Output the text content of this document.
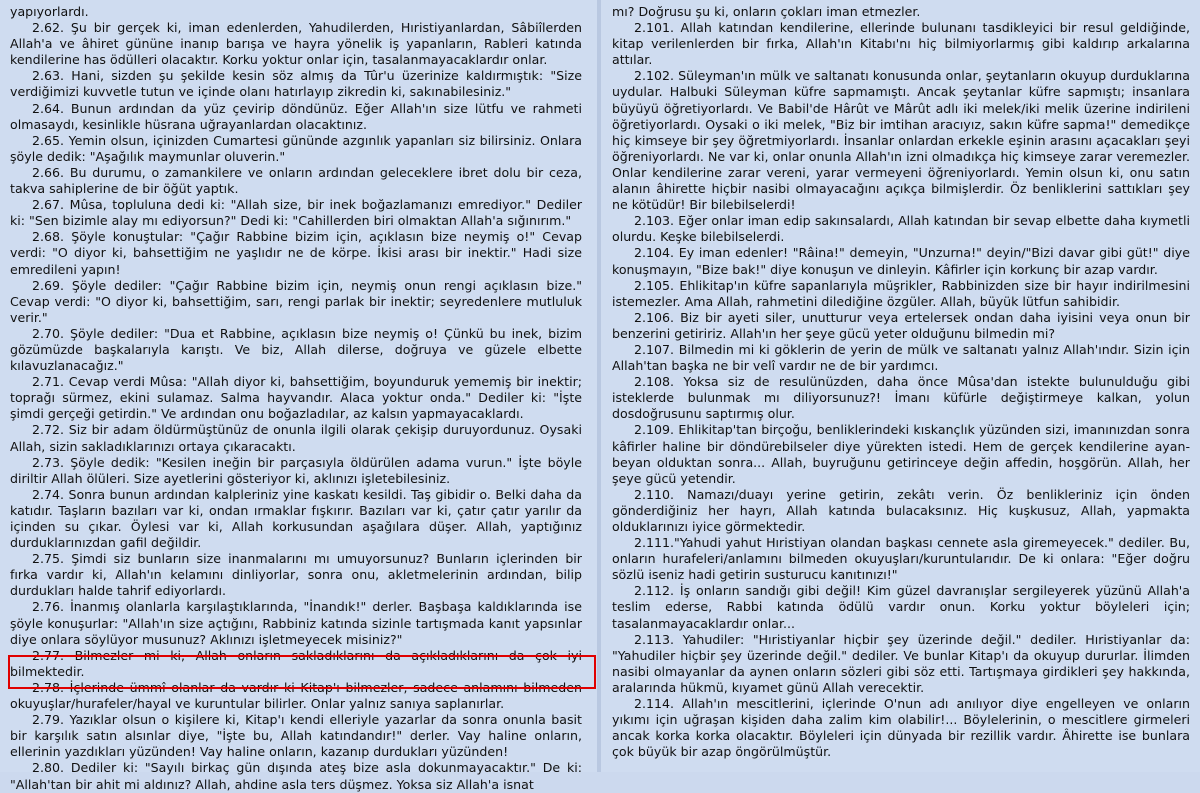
yapıyorlardı.

2.62. Şu bir gerçek ki, iman edenlerden, Yahudilerden, Hıristiyanlardan, Sâbiîlerden Allah'a ve âhiret gününe inanıp barışa ve hayra yönelik iş yapanların, Rableri katında kendilerine has ödülleri olacaktır. Korku yoktur onlar için, tasalanmayacaklardır onlar.

2.63. Hani, sizden şu şekilde kesin söz almış da Tûr'u üzerinize kaldırmıştık: "Size verdiğimizi kuvvetle tutun ve içinde olanı hatırlayıp zikredin ki, sakınabilesiniz."

2.64. Bunun ardından da yüz çevirip döndünüz. Eğer Allah'ın size lütfu ve rahmeti olmasaydı, kesinlikle hüsrana uğrayanlardan olacaktınız.

2.65. Yemin olsun, içinizden Cumartesi gününde azgınlık yapanları siz bilirsiniz. Onlara şöyle dedik: "Aşağılık maymunlar oluverin."

2.66. Bu durumu, o zamankilere ve onların ardından geleceklere ibret dolu bir ceza, takva sahiplerine de bir öğüt yaptık.

2.67. Mûsa, topluluna dedi ki: "Allah size, bir inek boğazlamanızı emrediyor." Dediler ki: "Sen bizimle alay mı ediyorsun?" Dedi ki: "Cahillerden biri olmaktan Allah'a sığınırım."

2.68. Şöyle konuştular: "Çağır Rabbine bizim için, açıklasın bize neymiş o!" Cevap verdi: "O diyor ki, bahsettiğim ne yaşlıdır ne de körpe. İkisi arası bir inektir." Hadi size emredileni yapın!

2.69. Şöyle dediler: "Çağır Rabbine bizim için, neymiş onun rengi açıklasın bize." Cevap verdi: "O diyor ki, bahsettiğim, sarı, rengi parlak bir inektir; seyredenlere mutluluk verir."

2.70. Şöyle dediler: "Dua et Rabbine, açıklasın bize neymiş o! Çünkü bu inek, bizim gözümüzde başkalarıyla karıştı. Ve biz, Allah dilerse, doğruya ve güzele elbette kılavuzlanacağız."

2.71. Cevap verdi Mûsa: "Allah diyor ki, bahsettiğim, boyunduruk yememiş bir inektir; toprağı sürmez, ekini sulamaz. Salma hayvandır. Alaca yoktur onda." Dediler ki: "İşte şimdi gerçeği getirdin." Ve ardından onu boğazladılar, az kalsın yapmayacaklardı.

2.72. Siz bir adam öldürmüştünüz de onunla ilgili olarak çekişip duruyordunuz. Oysaki Allah, sizin sakladıklarınızı ortaya çıkaracaktı.

2.73. Şöyle dedik: "Kesilen ineğin bir parçasıyla öldürülen adama vurun." İşte böyle diriltir Allah ölüleri. Size ayetlerini gösteriyor ki, aklınızı işletebilesiniz.

2.74. Sonra bunun ardından kalpleriniz yine kaskatı kesildi. Taş gibidir o. Belki daha da katıdır. Taşların bazıları var ki, ondan ırmaklar fışkırır. Bazıları var ki, çatır çatır yarılır da içinden su çıkar. Öylesi var ki, Allah korkusundan aşağılara düşer. Allah, yaptığınız durduklarınızdan gafil değildir.

2.75. Şimdi siz bunların size inanmalarını mı umuyorsunuz? Bunların içlerinden bir fırka vardır ki, Allah'ın kelamını dinliyorlar, sonra onu, akletmelerinin ardından, bilip durdukları halde tahrif ediyorlardı.

2.76. İnanmış olanlarla karşılaştıklarında, "İnandık!" derler. Başbaşa kaldıklarında ise şöyle konuşurlar: "Allah'ın size açtığını, Rabbiniz katında sizinle tartışmada kanıt yapsınlar diye onlara söylüyor musunuz? Aklınızı işletmeyecek misiniz?"

2.77. Bilmezler mi ki, Allah onların sakladıklarını da açıkladıklarını da çok iyi bilmektedir.

2.78. İçlerinde ümmî olanlar da vardır ki Kitap'ı bilmezler, sadece anlamını bilmeden okuyuşlar/hurafeler/hayal ve kuruntular bilirler. Onlar yalnız sanıya saplanırlar.

2.79. Yazıklar olsun o kişilere ki, Kitap'ı kendi elleriyle yazarlar da sonra onunla basit bir karşılık satın alsınlar diye, "İşte bu, Allah katındandır!" derler. Vay haline onların, ellerinin yazdıkları yüzünden! Vay haline onların, kazanıp durdukları yüzünden!

2.80. Dediler ki: "Sayılı birkaç gün dışında ateş bize asla dokunmayacaktır." De ki: "Allah'tan bir ahit mi aldınız? Allah, ahdine asla ters düşmez. Yoksa siz Allah'a isnat

mı? Doğrusu şu ki, onların çokları iman etmezler.

2.101. Allah katından kendilerine, ellerinde bulunanı tasdikleyici bir resul geldiğinde, kitap verilenlerden bir fırka, Allah'ın Kitabı'nı hiç bilmiyorlarmış gibi kaldırıp arkalarına attılar.

2.102. Süleyman'ın mülk ve saltanatı konusunda onlar, şeytanların okuyup durduklarına uydular. Halbuki Süleyman küfre sapmamıştı. Ancak şeytanlar küfre sapmıştı; insanlara büyüyü öğretiyorlardı. Ve Babil'de Hârût ve Mârût adlı iki melek/iki melik üzerine indirileni öğretiyorlardı. Oysaki o iki melek, "Biz bir imtihan aracıyız, sakın küfre sapma!" demedikçe hiç kimseye bir şey öğretmiyorlardı. İnsanlar onlardan erkekle eşinin arasını açacakları şeyi öğreniyorlardı. Ne var ki, onlar onunla Allah'ın izni olmadıkça hiç kimseye zarar veremezler. Onlar kendilerine zarar vereni, yarar vermeyeni öğreniyorlardı. Yemin olsun ki, onu satın alanın âhirette hiçbir nasibi olmayacağını açıkça bilmişlerdir. Öz benliklerini sattıkları şey ne kötüdür! Bir bilebilselerdi!

2.103. Eğer onlar iman edip sakınsalardı, Allah katından bir sevap elbette daha kıymetli olurdu. Keşke bilebilselerdi.

2.104. Ey iman edenler! "Râina!" demeyin, "Unzurna!" deyin/"Bizi davar gibi güt!" diye konuşmayın, "Bize bak!" diye konuşun ve dinleyin. Kâfirler için korkunç bir azap vardır.

2.105. Ehlikitap'ın küfre sapanlarıyla müşrikler, Rabbinizden size bir hayır indirilmesini istemezler. Ama Allah, rahmetini dilediğine özgüler. Allah, büyük lütfun sahibidir.

2.106. Biz bir ayeti siler, unutturur veya ertelersek ondan daha iyisini veya onun bir benzerini getiririz. Allah'ın her şeye gücü yeter olduğunu bilmedin mi?

2.107. Bilmedin mi ki göklerin de yerin de mülk ve saltanatı yalnız Allah'ındır. Sizin için Allah'tan başka ne bir velî vardır ne de bir yardımcı.

2.108. Yoksa siz de resulünüzden, daha önce Mûsa'dan istekte bulunulduğu gibi isteklerde bulunmak mı diliyorsunuz?! İmanı küfürle değiştirmeye kalkan, yolun dosdoğrusunu saptırmış olur.

2.109. Ehlikitap'tan birçoğu, benliklerindeki kıskançlık yüzünden sizi, imanınızdan sonra kâfirler haline bir döndürebilseler diye yürekten istedi. Hem de gerçek kendilerine ayan-beyan olduktan sonra... Allah, buyruğunu getirinceye değin affedin, hoşgörün. Allah, her şeye gücü yetendir.

2.110. Namazı/duayı yerine getirin, zekâtı verin. Öz benlikleriniz için önden gönderdiğiniz her hayrı, Allah katında bulacaksınız. Hiç kuşkusuz, Allah, yapmakta olduklarınızı iyice görmektedir.

2.111."Yahudi yahut Hıristiyan olandan başkası cennete asla giremeyecek." dediler. Bu, onların hurafeleri/anlamını bilmeden okuyuşları/kuruntularıdır. De ki onlara: "Eğer doğru sözlü iseniz hadi getirin susturucu kanıtınızı!"

2.112. İş onların sandığı gibi değil! Kim güzel davranışlar sergileyerek yüzünü Allah'a teslim ederse, Rabbi katında ödülü vardır onun. Korku yoktur böyleleri için; tasalanmayacaklardır onlar...

2.113. Yahudiler: "Hıristiyanlar hiçbir şey üzerinde değil." dediler. Hıristiyanlar da: "Yahudiler hiçbir şey üzerinde değil." dediler. Ve bunlar Kitap'ı da okuyup dururlar. İlimden nasibi olmayanlar da aynen onların sözleri gibi söz etti. Tartışmaya girdikleri şey hakkında, aralarında hükmü, kıyamet günü Allah verecektir.

2.114. Allah'ın mescitlerini, içlerinde O'nun adı anılıyor diye engelleyen ve onların yıkımı için uğraşan kişiden daha zalim kim olabilir!... Böylelerinin, o mescitlere girmeleri ancak korka korka olacaktır. Böyleleri için dünyada bir rezillik vardır. Âhirette ise bunlara çok büyük bir azap öngörülmüştür.
